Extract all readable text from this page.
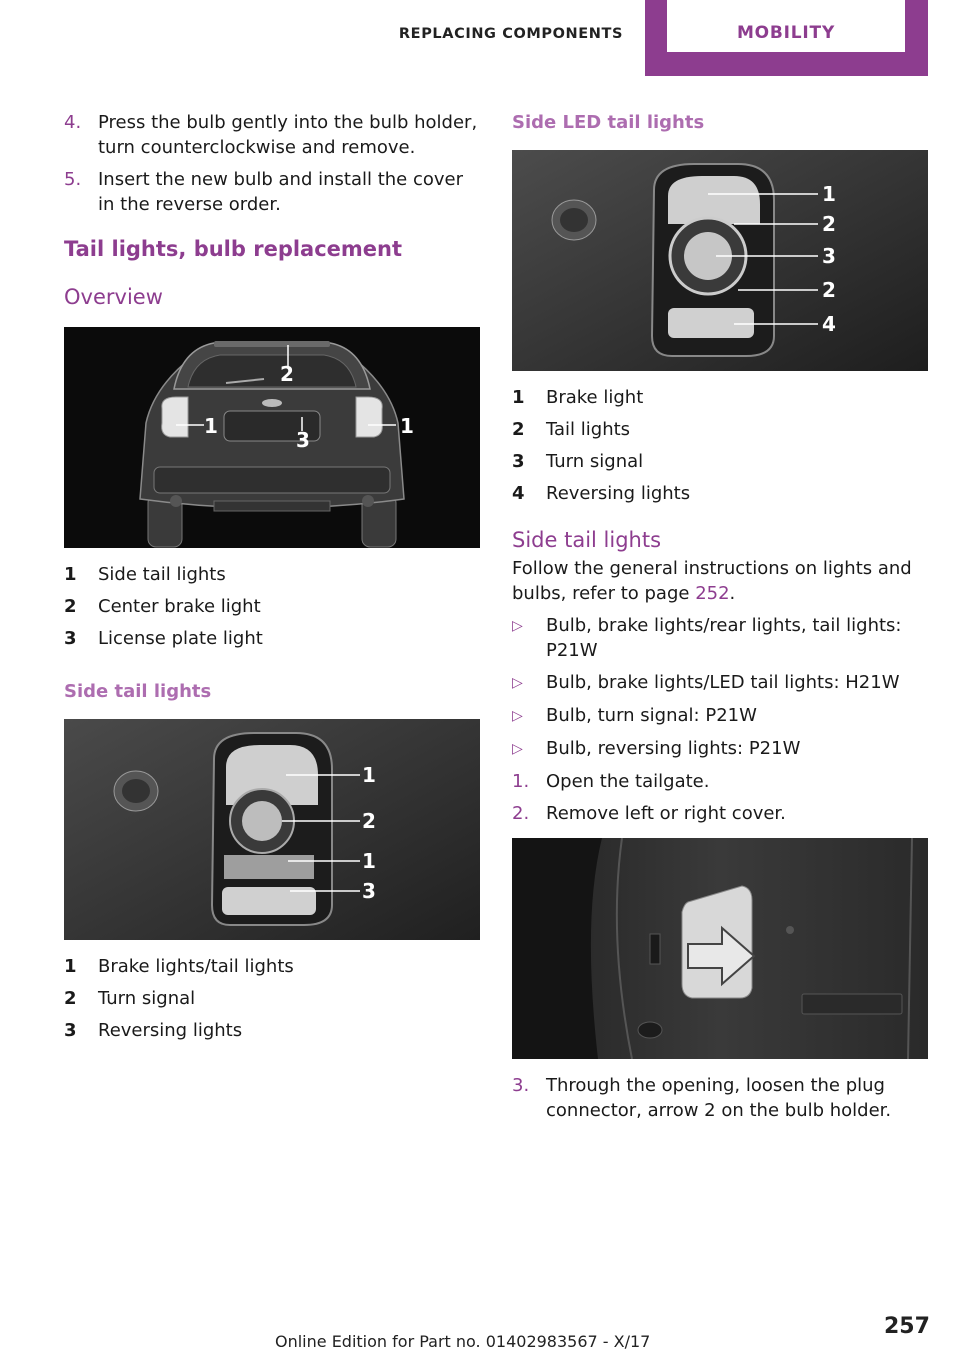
REPLACING COMPONENTS	MOBILITY
4. Press the bulb gently into the bulb holder, turn counterclockwise and remove.
5. Insert the new bulb and install the cover in the reverse order.
Tail lights, bulb replacement
Overview
2
1	1
3
1	Side tail lights
2	Center brake light
3	License plate light
Side tail lights
1
2
1
3
1	Brake lights/tail lights
2	Turn signal
3	Reversing lights
Side LED tail lights
1
2
3
2
4
1	Brake light
2	Tail lights
3	Turn signal
4	Reversing lights
Side tail lights
Follow the general instructions on lights and bulbs, refer to page 252.
▷	Bulb, brake lights/rear lights, tail lights: P21W
▷	Bulb, brake lights/LED tail lights: H21W
▷	Bulb, turn signal: P21W
▷	Bulb, reversing lights: P21W
1. Open the tailgate.
2. Remove left or right cover.
3. Through the opening, loosen the plug connector, arrow 2 on the bulb holder.
Online Edition for Part no. 01402983567 - X/17
257
